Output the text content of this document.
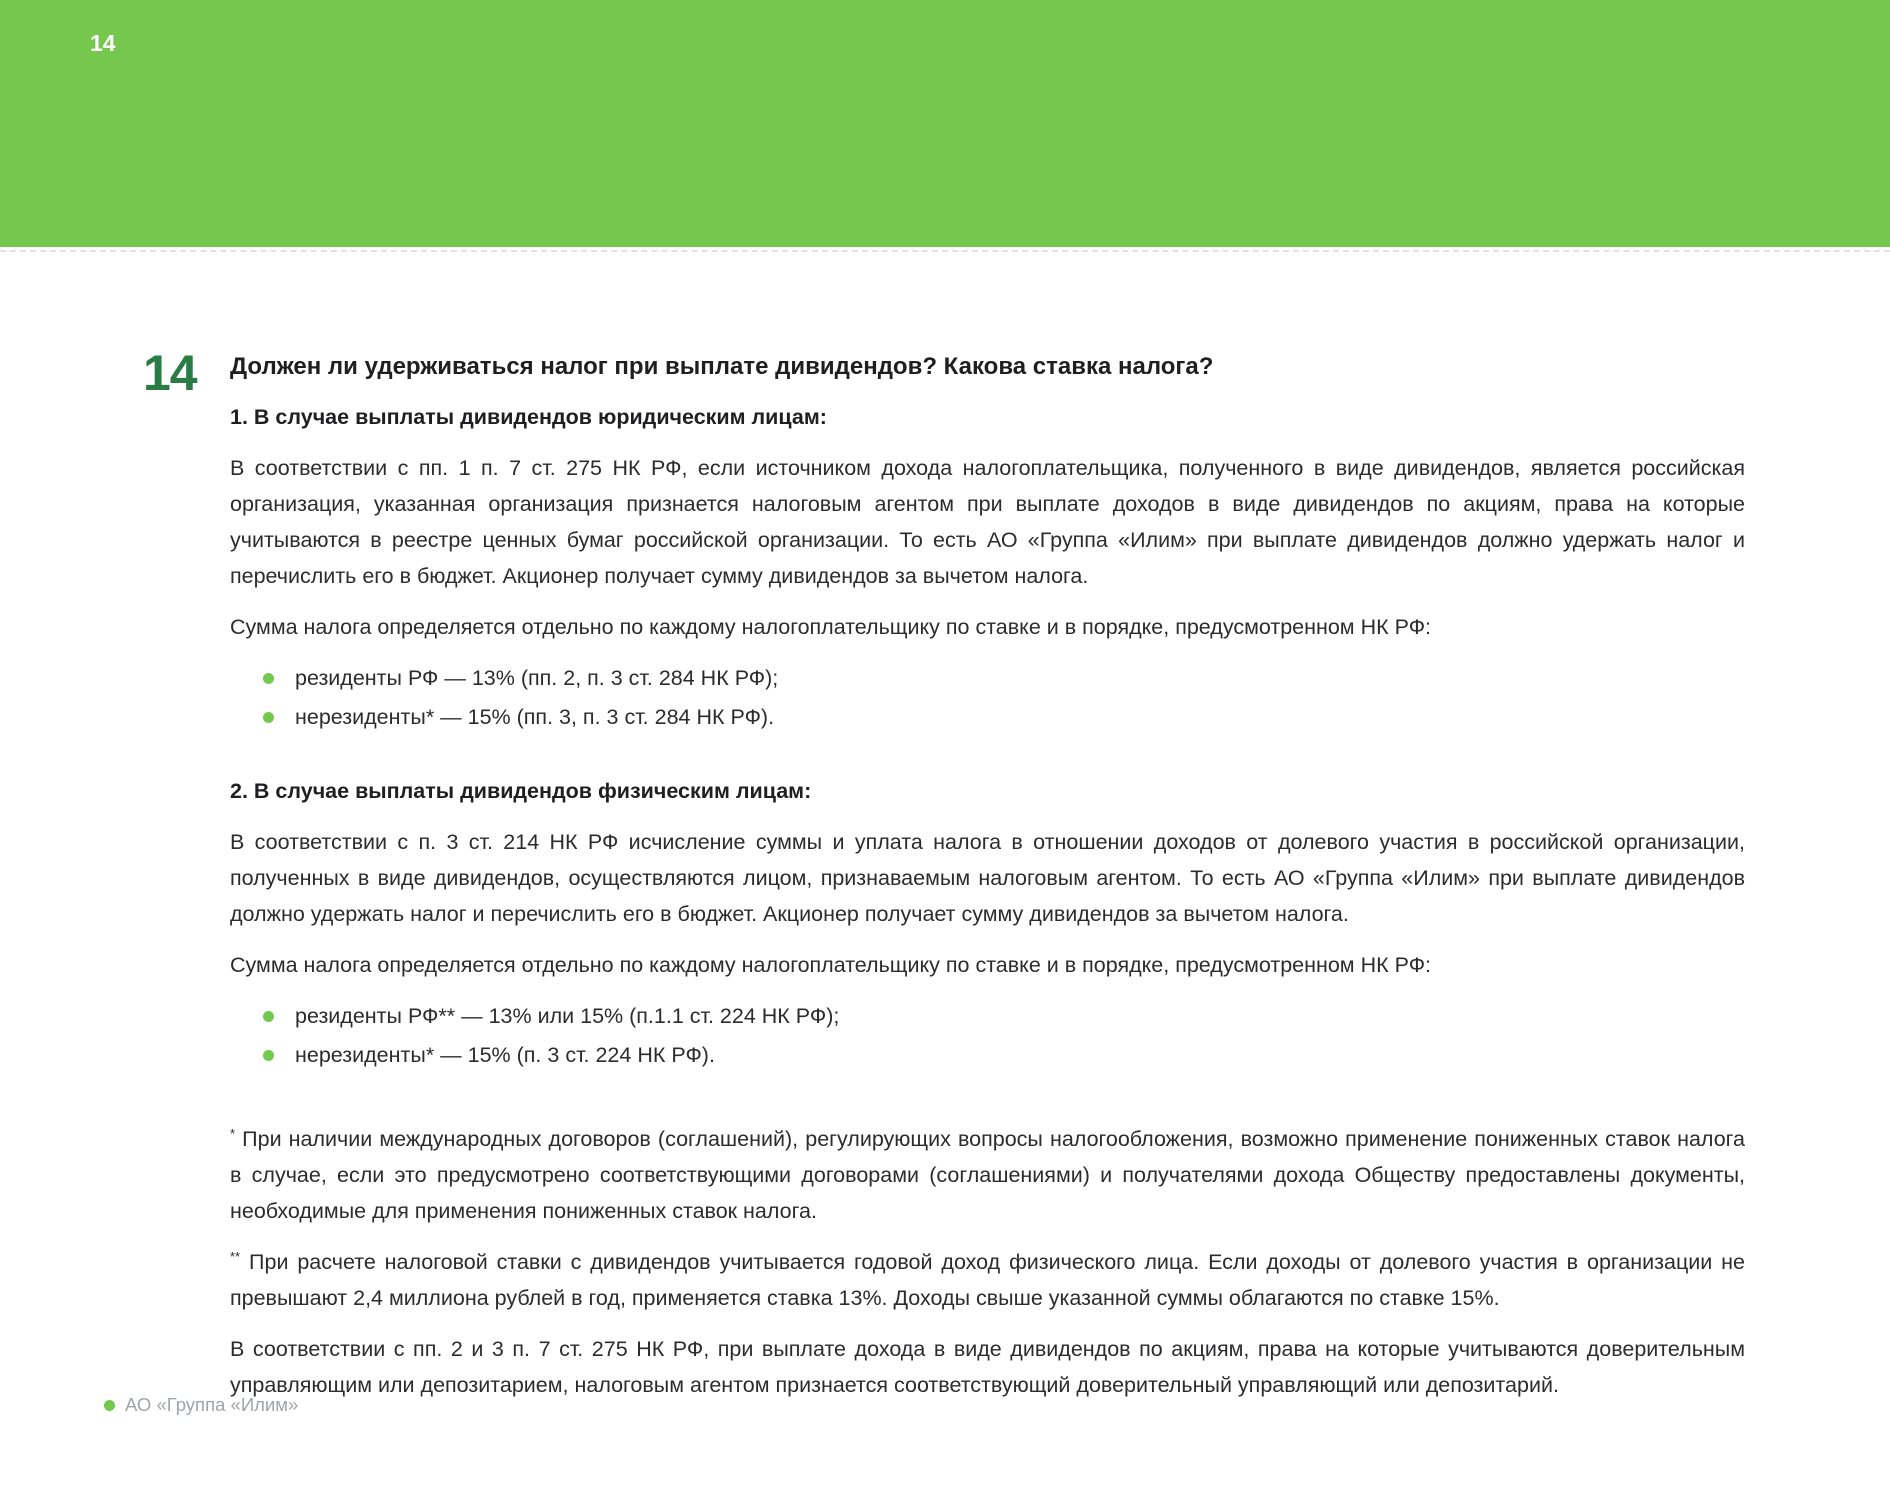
14
14	Должен ли удерживаться налог при выплате дивидендов? Какова ставка налога?
1. В случае выплаты дивидендов юридическим лицам:

В соответствии с пп. 1 п. 7 ст. 275 НК РФ, если источником дохода налогоплательщика, полученного в виде дивидендов, является российская организация, указанная организация признается налоговым агентом при выплате доходов в виде дивидендов по акциям, права на которые учитываются в реестре ценных бумаг российской организации. То есть АО «Группа «Илим» при выплате дивидендов должно удержать налог и перечислить его в бюджет. Акционер получает сумму дивидендов за вычетом налога.

Сумма налога определяется отдельно по каждому налогоплательщику по ставке и в порядке, предусмотренном НК РФ:

резиденты РФ — 13% (пп. 2, п. 3 ст. 284 НК РФ);
нерезиденты* — 15% (пп. 3, п. 3 ст. 284 НК РФ).
2. В случае выплаты дивидендов физическим лицам:

В соответствии с п. 3 ст. 214 НК РФ исчисление суммы и уплата налога в отношении доходов от долевого участия в российской организации, полученных в виде дивидендов, осуществляются лицом, признаваемым налоговым агентом. То есть АО «Группа «Илим» при выплате дивидендов должно удержать налог и перечислить его в бюджет. Акционер получает сумму дивидендов за вычетом налога.

Сумма налога определяется отдельно по каждому налогоплательщику по ставке и в порядке, предусмотренном НК РФ:

резиденты РФ** — 13% или 15% (п.1.1 ст. 224 НК РФ);
нерезиденты* — 15% (п. 3 ст. 224 НК РФ).

* При наличии международных договоров (соглашений), регулирующих вопросы налогообложения, возможно применение пониженных ставок налога в случае, если это предусмотрено соответствующими договорами (соглашениями) и получателями дохода Обществу предоставлены документы, необходимые для применения пониженных ставок налога.

** При расчете налоговой ставки с дивидендов учитывается годовой доход физического лица. Если доходы от долевого участия в организации не превышают 2,4 миллиона рублей в год, применяется ставка 13%. Доходы свыше указанной суммы облагаются по ставке 15%.

В соответствии с пп. 2 и 3 п. 7 ст. 275 НК РФ, при выплате дохода в виде дивидендов по акциям, права на которые учитываются доверительным управляющим или депозитарием, налоговым агентом признается соответствующий доверительный управляющий или депозитарий.

АО «Группа «Илим»
